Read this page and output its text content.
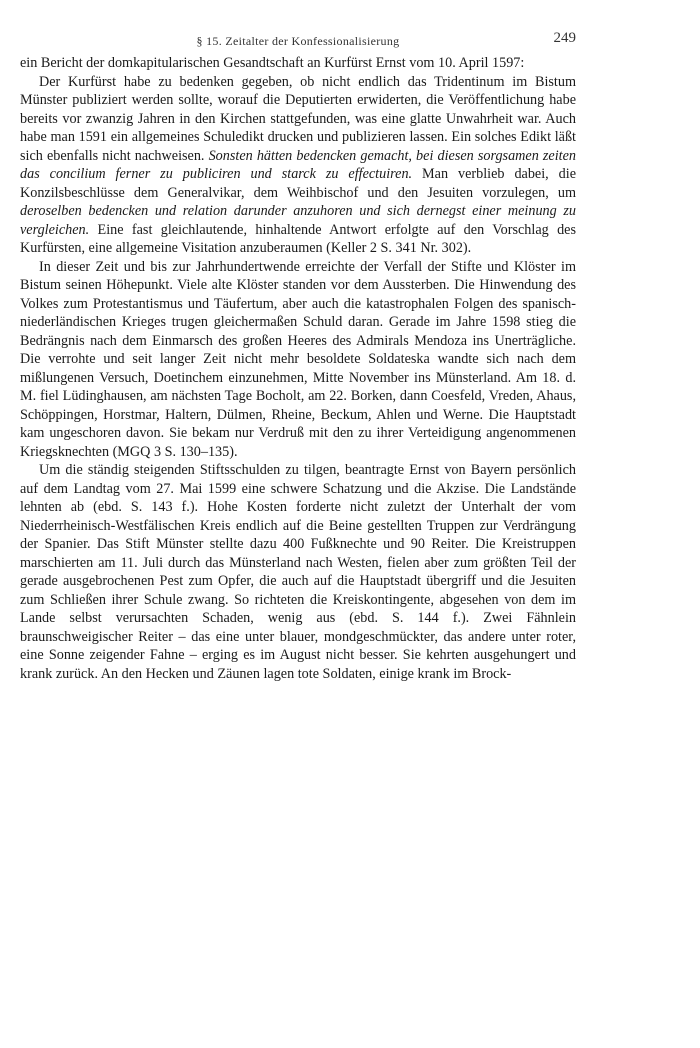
§ 15. Zeitalter der Konfessionalisierung	249

ein Bericht der domkapitularischen Gesandtschaft an Kurfürst Ernst vom 10. April 1597:

Der Kurfürst habe zu bedenken gegeben, ob nicht endlich das Tridentinum im Bistum Münster publiziert werden sollte, worauf die Deputierten erwiderten, die Veröffentlichung habe bereits vor zwanzig Jahren in den Kirchen stattgefunden, was eine glatte Unwahrheit war. Auch habe man 1591 ein allgemeines Schuledikt drucken und publizieren lassen. Ein solches Edikt läßt sich ebenfalls nicht nachweisen. Sonsten hätten bedencken gemacht, bei diesen sorgsamen zeiten das concilium ferner zu publiciren und starck zu effectuiren. Man verblieb dabei, die Konzilsbeschlüsse dem Generalvikar, dem Weihbischof und den Jesuiten vorzulegen, um deroselben bedencken und relation darunder anzuhoren und sich dernegst einer meinung zu vergleichen. Eine fast gleichlautende, hinhaltende Antwort erfolgte auf den Vorschlag des Kurfürsten, eine allgemeine Visitation anzuberaumen (Keller 2 S. 341 Nr. 302).

In dieser Zeit und bis zur Jahrhundertwende erreichte der Verfall der Stifte und Klöster im Bistum seinen Höhepunkt. Viele alte Klöster standen vor dem Aussterben. Die Hinwendung des Volkes zum Protestantismus und Täufertum, aber auch die katastrophalen Folgen des spanisch-niederländischen Krieges trugen gleichermaßen Schuld daran. Gerade im Jahre 1598 stieg die Bedrängnis nach dem Einmarsch des großen Heeres des Admirals Mendoza ins Unerträgliche. Die verrohte und seit langer Zeit nicht mehr besoldete Soldateska wandte sich nach dem mißlungenen Versuch, Doetinchem einzunehmen, Mitte November ins Münsterland. Am 18. d. M. fiel Lüdinghausen, am nächsten Tage Bocholt, am 22. Borken, dann Coesfeld, Vreden, Ahaus, Schöppingen, Horstmar, Haltern, Dülmen, Rheine, Beckum, Ahlen und Werne. Die Hauptstadt kam ungeschoren davon. Sie bekam nur Verdruß mit den zu ihrer Verteidigung angenommenen Kriegsknechten (MGQ 3 S. 130–135).

Um die ständig steigenden Stiftsschulden zu tilgen, beantragte Ernst von Bayern persönlich auf dem Landtag vom 27. Mai 1599 eine schwere Schatzung und die Akzise. Die Landstände lehnten ab (ebd. S. 143 f.). Hohe Kosten forderte nicht zuletzt der Unterhalt der vom Niederrheinisch-Westfälischen Kreis endlich auf die Beine gestellten Truppen zur Verdrängung der Spanier. Das Stift Münster stellte dazu 400 Fußknechte und 90 Reiter. Die Kreistruppen marschierten am 11. Juli durch das Münsterland nach Westen, fielen aber zum größten Teil der gerade ausgebrochenen Pest zum Opfer, die auch auf die Hauptstadt übergriff und die Jesuiten zum Schließen ihrer Schule zwang. So richteten die Kreiskontingente, abgesehen von dem im Lande selbst verursachten Schaden, wenig aus (ebd. S. 144 f.). Zwei Fähnlein braunschweigischer Reiter – das eine unter blauer, mondgeschmückter, das andere unter roter, eine Sonne zeigender Fahne – erging es im August nicht besser. Sie kehrten ausgehungert und krank zurück. An den Hecken und Zäunen lagen tote Soldaten, einige krank im Brock-
